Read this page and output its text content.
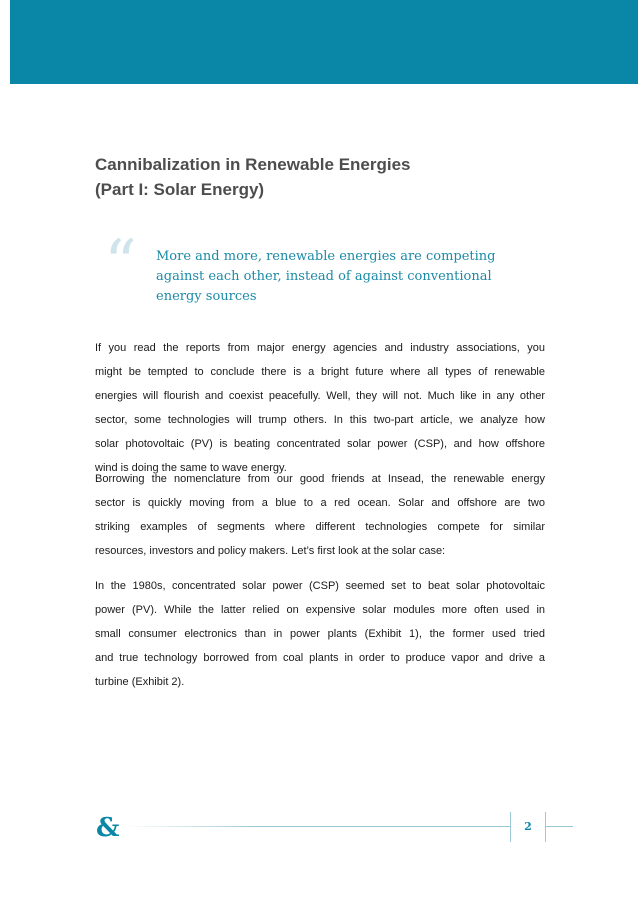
Cannibalization in Renewable Energies
(Part I: Solar Energy)
“ More and more, renewable energies are competing
against each other, instead of against conventional
energy sources

If you read the reports from major energy agencies and industry associations, you
might be tempted to conclude there is a bright future where all types of renewable
energies will flourish and coexist peacefully. Well, they will not. Much like in any other
sector, some technologies will trump others. In this two-part article, we analyze how
solar photovoltaic (PV) is beating concentrated solar power (CSP), and how offshore
wind is doing the same to wave energy.

Borrowing the nomenclature from our good friends at Insead, the renewable energy
sector is quickly moving from a blue to a red ocean. Solar and offshore are two
striking examples of segments where different technologies compete for similar
resources, investors and policy makers. Let’s first look at the solar case:

In the 1980s, concentrated solar power (CSP) seemed set to beat solar photovoltaic
power (PV). While the latter relied on expensive solar modules more often used in
small consumer electronics than in power plants (Exhibit 1), the former used tried
and true technology borrowed from coal plants in order to produce vapor and drive a
turbine (Exhibit 2).

&	2
